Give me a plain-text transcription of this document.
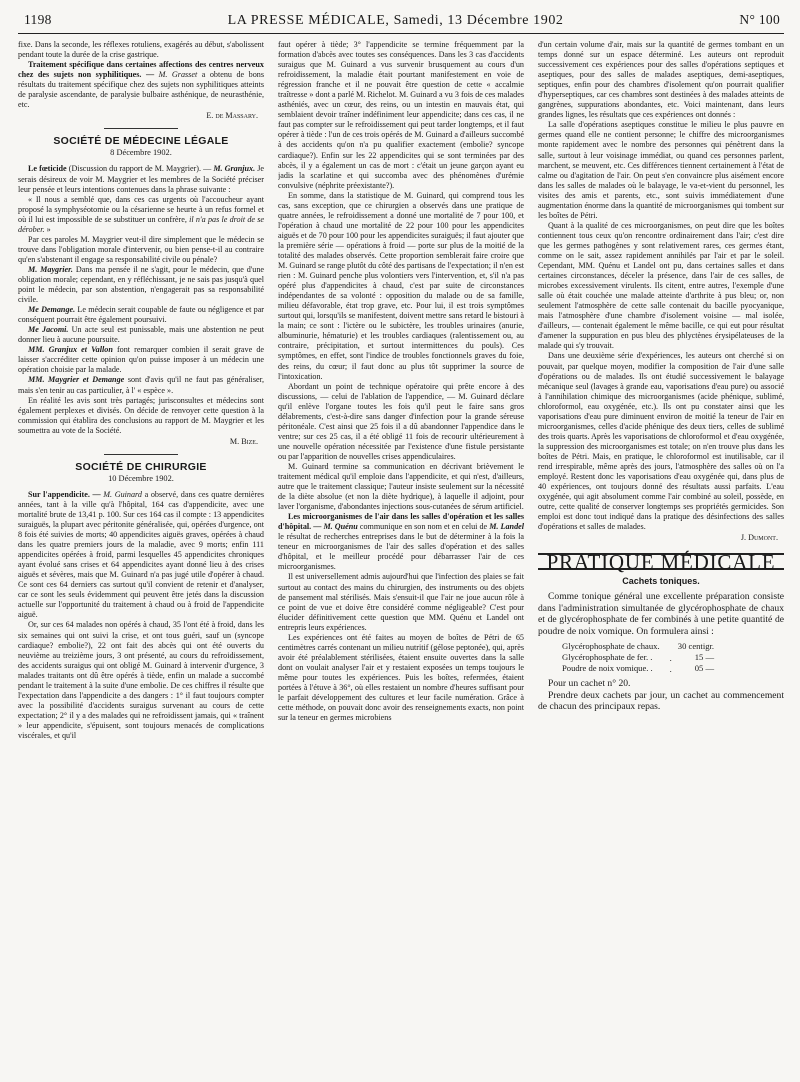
1198	LA PRESSE MÉDICALE, Samedi, 13 Décembre 1902	N° 100

fixe. Dans la seconde, les réflexes rotuliens, exagérés au début, s'abolissent pendant toute la durée de la crise gastrique.

Traitement spécifique dans certaines affections des centres nerveux chez des sujets non syphilitiques. — M. Grasset a obtenu de bons résultats du traitement spécifique chez des sujets non syphilitiques atteints de paralysie ascendante, de paralysie bulbaire asthénique, de neurasthénie, etc.

E. de Massary.
SOCIÉTÉ DE MÉDECINE LÉGALE
8 Décembre 1902.

Le fœticide (Discussion du rapport de M. Maygrier). — M. Granjux. Je serais désireux de voir M. Maygrier et les membres de la Société préciser leur pensée et leurs intentions contenues dans la phrase suivante :

« Il nous a semblé que, dans ces cas urgents où l'accoucheur ayant proposé la symphyséotomie ou la césarienne se heurte à un refus formel et où il lui est impossible de se substituer un confrère, il n'a pas le droit de se dérober. »

Par ces paroles M. Maygrier veut-il dire simplement que le médecin se trouve dans l'obligation morale d'intervenir, ou bien pense-t-il au contraire qu'en s'abstenant il engage sa responsabilité civile ou pénale?

M. Maygrier. Dans ma pensée il ne s'agit, pour le médecin, que d'une obligation morale; cependant, en y réfléchissant, je ne sais pas jusqu'à quel point le médecin, par son abstention, n'engagerait pas sa responsabilité civile.

Me Demange. Le médecin serait coupable de faute ou négligence et par conséquent pourrait être également poursuivi.

Me Jacomi. Un acte seul est punissable, mais une abstention ne peut donner lieu à aucune poursuite.

MM. Granjux et Vallon font remarquer combien il serait grave de laisser s'accréditer cette opinion qu'on puisse imposer à un médecin une opération choisie par la malade.

MM. Maygrier et Demange sont d'avis qu'il ne faut pas généraliser, mais s'en tenir au cas particulier, à l' « espèce ».

En réalité les avis sont très partagés; jurisconsultes et médecins sont également perplexes et divisés. On décide de renvoyer cette question à la commission qui établira des conclusions au rapport de M. Maygrier et les soumettra au vote de la Société.

M. Bize.
SOCIÉTÉ DE CHIRURGIE
10 Décembre 1902.

Sur l'appendicite. — M. Guinard a observé, dans ces quatre dernières années, tant à la ville qu'à l'hôpital, 164 cas d'appendicite, avec une mortalité brute de 13,41 p. 100. Sur ces 164 cas il compte : 13 appendicites suraiguës, la plupart avec péritonite généralisée, qui, opérées d'urgence, ont 8 fois été suivies de morts; 40 appendicites aiguës graves, opérées à chaud dans les quatre premiers jours de la maladie, avec 9 morts; enfin 111 appendicites opérées à froid, parmi lesquelles 45 appendicites chroniques ayant évolué sans crises et 64 appendicites ayant donné lieu à des crises aiguës et sévères, mais que M. Guinard n'a pas jugé utile d'opérer à chaud. Ce sont ces 64 derniers cas surtout qu'il convient de retenir et d'analyser, car ce sont les seuls évidemment qui peuvent être jetés dans la discussion actuelle sur l'opportunité du traitement à chaud ou à froid de l'appendicite aiguë.

Or, sur ces 64 malades non opérés à chaud, 35 l'ont été à froid, dans les six semaines qui ont suivi la crise, et ont tous guéri, sauf un (syncope cardiaque? embolie?), 22 ont fait des abcès qui ont été ouverts du neuvième au treizième jours, 3 ont présenté, au cours du refroidissement, des accidents suraigus qui ont obligé M. Guinard à intervenir d'urgence, 3 malades traitants ont dû être opérés à tiède, enfin un malade a succombé pendant le traitement à la suite d'une embolie. De ces chiffres il résulte que l'expectation dans l'appendicite a des dangers : 1° il faut toujours compter avec la possibilité d'accidents suraigus survenant au cours de cette expectation; 2° il y a des malades qui ne refroidissent jamais, qui « traînent » leur appendicite, s'épuisent, sont toujours menacés de complications viscérales, et qu'il

faut opérer à tiède; 3° l'appendicite se termine fréquemment par la formation d'abcès avec toutes ses conséquences. Dans les 3 cas d'accidents suraigus que M. Guinard a vus survenir brusquement au cours d'un refroidissement, la maladie était pourtant manifestement en voie de régression franche et il ne pouvait être question de cette « accalmie traîtresse » dont a parlé M. Richelot. M. Guinard a vu 3 fois de ces malades asthéniés, avec un cœur, des reins, ou un intestin en mauvais état, qui semblaient devoir traîner indéfiniment leur appendicite; dans ces cas, il ne faut pas compter sur le refroidissement qui peut tarder longtemps, et il faut opérer à tiède : l'un de ces trois opérés de M. Guinard a d'ailleurs succombé à des accidents qu'on n'a pu qualifier exactement (embolie? syncope cardiaque?). Enfin sur les 22 appendicites qui se sont terminées par des abcès, il y a également un cas de mort : c'était un jeune garçon ayant eu jadis la scarlatine et qui succomba avec des phénomènes d'urémie convulsive (néphrite préexistante?).

En somme, dans la statistique de M. Guinard, qui comprend tous les cas, sans exception, que ce chirurgien a observés dans une pratique de quatre années, le refroidissement a donné une mortalité de 7 pour 100, et l'opération à chaud une mortalité de 22 pour 100 pour les appendicites aiguës et de 70 pour 100 pour les appendicites suraiguës; il faut ajouter que la première série — opérations à froid — porte sur plus de la moitié de la totalité des malades observés. Cette proportion semblerait faire croire que M. Guinard se range plutôt du côté des partisans de l'expectation; il n'en est rien : M. Guinard penche plus volontiers vers l'intervention, et, s'il n'a pas opéré plus d'appendicites à chaud, c'est par suite de circonstances indépendantes de sa volonté : opposition du malade ou de sa famille, milieu défavorable, état trop grave, etc. Pour lui, il est trois symptômes surtout qui, lorsqu'ils se manifestent, doivent mettre sans retard le bistouri à la main; ce sont : l'ictère ou le subictère, les troubles urinaires (anurie, albuminurie, hématurie) et les troubles cardiaques (ralentissement ou, au contraire, précipitation, et surtout intermittences du pouls). Ces symptômes, en effet, sont l'indice de troubles fonctionnels graves du foie, des reins, du cœur; il faut donc au plus tôt supprimer la source de l'intoxication.

Abordant un point de technique opératoire qui prête encore à des discussions, — celui de l'ablation de l'appendice, — M. Guinard déclare qu'il enlève l'organe toutes les fois qu'il peut le faire sans gros délabrements, c'est-à-dire sans danger d'infection pour la grande séreuse péritonéale. C'est ainsi que 25 fois il a dû abandonner l'appendice dans le ventre; sur ces 25 cas, il a été obligé 11 fois de recourir ultérieurement à une nouvelle opération nécessitée par l'existence d'une fistule persistante ou par l'apparition de nouvelles crises appendiculaires.

M. Guinard termine sa communication en décrivant brièvement le traitement médical qu'il emploie dans l'appendicite, et qui n'est, d'ailleurs, autre que le traitement classique; l'auteur insiste seulement sur la nécessité de la diète absolue (et non la diète hydrique), à laquelle il adjoint, pour laver l'organisme, d'abondantes injections sous-cutanées de sérum artificiel.

Les microorganismes de l'air dans les salles d'opération et les salles d'hôpital. — M. Quénu communique en son nom et en celui de M. Landel le résultat de recherches entreprises dans le but de déterminer à la fois la teneur en microorganismes de l'air des salles d'opération et des salles d'hôpital, et le meilleur procédé pour débarrasser l'air de ces microorganismes.

Il est universellement admis aujourd'hui que l'infection des plaies se fait surtout au contact des mains du chirurgien, des instruments ou des objets de pansement mal stérilisés. Mais s'ensuit-il que l'air ne joue aucun rôle à ce point de vue et doive être considéré comme négligeable? C'est pour élucider définitivement cette question que MM. Quénu et Landel ont entrepris leurs expériences.

Les expériences ont été faites au moyen de boîtes de Pétri de 65 centimètres carrés contenant un milieu nutritif (gélose peptonée), qui, après avoir été préalablement stérilisées, étaient ensuite ouvertes dans la salle dont on voulait analyser l'air et y restaient exposées un temps toujours le même pour toutes les expériences. Puis les boîtes, refermées, étaient portées à l'étuve à 36°, où elles restaient un nombre d'heures suffisant pour le parfait développement des cultures et leur facile numération. Grâce à cette méthode, on pouvait donc avoir des renseignements exacts, non point sur la teneur en germes microbiens

d'un certain volume d'air, mais sur la quantité de germes tombant en un temps donné sur un espace déterminé. Les auteurs ont reproduit successivement ces expériences pour des salles d'opérations septiques et aseptiques, pour des salles de malades aseptiques, demi-aseptiques, septiques, enfin pour des chambres d'isolement qu'on pourrait qualifier d'hyperseptiques, car ces chambres sont destinées à des malades atteints de gangrènes, suppurations abondantes, etc. Voici maintenant, dans leurs grandes lignes, les résultats que ces expériences ont donnés :

La salle d'opérations aseptiques constitue le milieu le plus pauvre en germes quand elle ne contient personne; le chiffre des microorganismes monte rapidement avec le nombre des personnes qui pénètrent dans la salle, surtout à leur voisinage immédiat, ou quand ces personnes parlent, marchent, se meuvent, etc. Ces différences tiennent certainement à l'état de calme ou d'agitation de l'air. On peut s'en convaincre plus aisément encore dans les salles de malades où le balayage, le va-et-vient du personnel, les visites des amis et parents, etc., sont suivis immédiatement d'une augmentation énorme dans la quantité de microorganismes qui tombent sur les boîtes de Pétri.

Quant à la qualité de ces microorganismes, on peut dire que les boîtes contiennent tous ceux qu'on rencontre ordinairement dans l'air; c'est dire que les germes pathogènes y sont relativement rares, ces germes étant, comme on le sait, assez rapidement annihilés par l'air et par le soleil. Cependant, MM. Quénu et Landel ont pu, dans certaines salles et dans certaines circonstances, déceler la présence, dans l'air de ces salles, de microbes excessivement virulents. Ils citent, entre autres, l'exemple d'une salle où était couchée une malade atteinte d'arthrite à pus bleu; or, non seulement l'atmosphère de cette salle contenait du bacille pyocyanique, mais l'atmosphère d'une chambre d'isolement voisine — mal isolée, d'ailleurs, — contenait également le même bacille, ce qui eut pour résultat d'amener la suppuration en pus bleu des phlyctènes érysipélateuses de la malade qui s'y trouvait.

Dans une deuxième série d'expériences, les auteurs ont cherché si on pouvait, par quelque moyen, modifier la composition de l'air d'une salle d'opérations ou de malades. Ils ont étudié successivement le balayage mécanique seul (lavages à grande eau, vaporisations d'eau pure) ou associé à l'annihilation chimique des microorganismes (acide phénique, sublimé, chloroformol, eau oxygénée, etc.). Ils ont pu constater ainsi que les vaporisations d'eau pure diminuent environ de moitié la teneur de l'air en microorganismes, celles d'acide phénique des deux tiers, celles de sublimé des trois quarts. Après les vaporisations de chloroformol et d'eau oxygénée, la suppression des microorganismes est totale; on n'en trouve plus dans les boîtes de Pétri. Mais, en pratique, le chloroformol est inutilisable, car il rend irrespirable, même après des jours, l'atmosphère des salles où on l'a employé. Restent donc les vaporisations d'eau oxygénée qui, dans plus de 40 expériences, ont toujours donné des résultats aussi parfaits. L'eau oxygénée, qui agit absolument comme l'air combiné au soleil, possède, en outre, cette qualité de conserver longtemps ses propriétés germicides. Son emploi est donc tout indiqué dans la pratique des désinfections des salles d'opérations et salles de malades.

J. Dumont.
PRATIQUE MÉDICALE
Cachets toniques.

Comme tonique général une excellente préparation consiste dans l'administration simultanée de glycérophosphate de chaux et de glycérophosphate de fer combinés à une petite quantité de poudre de noix vomique. On formulera ainsi :

Glycérophosphate de chaux.		30 centigr.
Glycérophosphate de fer. .	.	15 —
Poudre de noix vomique. .	.	05 —

Pour un cachet n° 20.

Prendre deux cachets par jour, un cachet au commencement de chacun des principaux repas.
